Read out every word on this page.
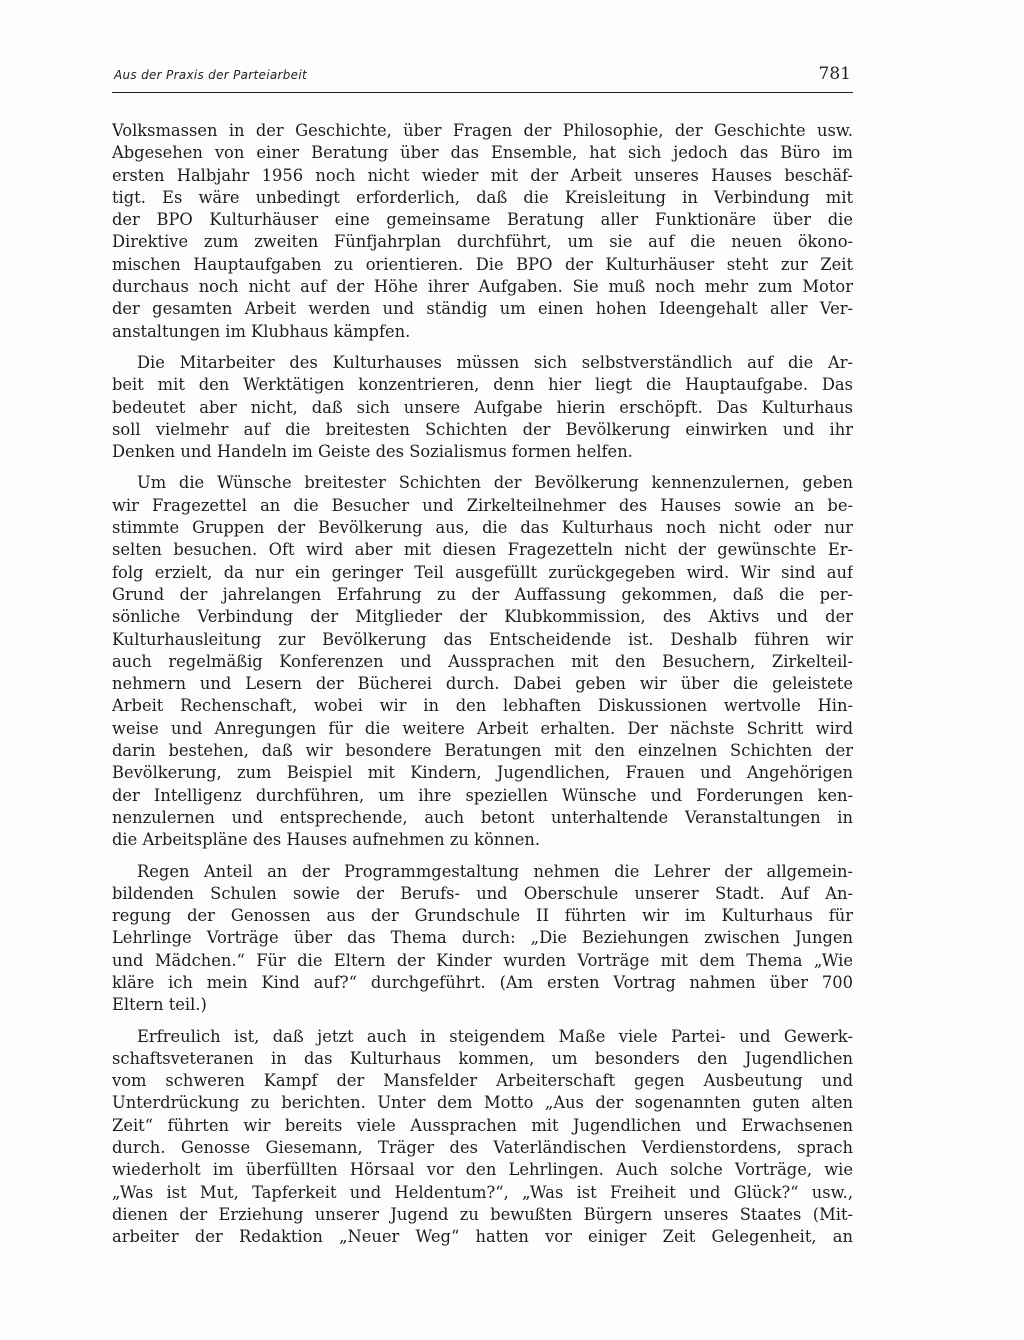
Aus der Praxis der Parteiarbeit	781

Volksmassen in der Geschichte, über Fragen der Philosophie, der Geschichte usw.
Abgesehen von einer Beratung über das Ensemble, hat sich jedoch das Büro im
ersten Halbjahr 1956 noch nicht wieder mit der Arbeit unseres Hauses beschäf-
tigt. Es wäre unbedingt erforderlich, daß die Kreisleitung in Verbindung mit
der BPO Kulturhäuser eine gemeinsame Beratung aller Funktionäre über die
Direktive zum zweiten Fünfjahrplan durchführt, um sie auf die neuen ökono-
mischen Hauptaufgaben zu orientieren. Die BPO der Kulturhäuser steht zur Zeit
durchaus noch nicht auf der Höhe ihrer Aufgaben. Sie muß noch mehr zum Motor
der gesamten Arbeit werden und ständig um einen hohen Ideengehalt aller Ver-
anstaltungen im Klubhaus kämpfen.

Die Mitarbeiter des Kulturhauses müssen sich selbstverständlich auf die Ar-
beit mit den Werktätigen konzentrieren, denn hier liegt die Hauptaufgabe. Das
bedeutet aber nicht, daß sich unsere Aufgabe hierin erschöpft. Das Kulturhaus
soll vielmehr auf die breitesten Schichten der Bevölkerung einwirken und ihr
Denken und Handeln im Geiste des Sozialismus formen helfen.

Um die Wünsche breitester Schichten der Bevölkerung kennenzulernen, geben
wir Fragezettel an die Besucher und Zirkelteilnehmer des Hauses sowie an be-
stimmte Gruppen der Bevölkerung aus, die das Kulturhaus noch nicht oder nur
selten besuchen. Oft wird aber mit diesen Fragezetteln nicht der gewünschte Er-
folg erzielt, da nur ein geringer Teil ausgefüllt zurückgegeben wird. Wir sind auf
Grund der jahrelangen Erfahrung zu der Auffassung gekommen, daß die per-
sönliche Verbindung der Mitglieder der Klubkommission, des Aktivs und der
Kulturhausleitung zur Bevölkerung das Entscheidende ist. Deshalb führen wir
auch regelmäßig Konferenzen und Aussprachen mit den Besuchern, Zirkelteil-
nehmern und Lesern der Bücherei durch. Dabei geben wir über die geleistete
Arbeit Rechenschaft, wobei wir in den lebhaften Diskussionen wertvolle Hin-
weise und Anregungen für die weitere Arbeit erhalten. Der nächste Schritt wird
darin bestehen, daß wir besondere Beratungen mit den einzelnen Schichten der
Bevölkerung, zum Beispiel mit Kindern, Jugendlichen, Frauen und Angehörigen
der Intelligenz durchführen, um ihre speziellen Wünsche und Forderungen ken-
nenzulernen und entsprechende, auch betont unterhaltende Veranstaltungen in
die Arbeitspläne des Hauses aufnehmen zu können.

Regen Anteil an der Programmgestaltung nehmen die Lehrer der allgemein-
bildenden Schulen sowie der Berufs- und Oberschule unserer Stadt. Auf An-
regung der Genossen aus der Grundschule II führten wir im Kulturhaus für
Lehrlinge Vorträge über das Thema durch: „Die Beziehungen zwischen Jungen
und Mädchen.“ Für die Eltern der Kinder wurden Vorträge mit dem Thema „Wie
kläre ich mein Kind auf?“ durchgeführt. (Am ersten Vortrag nahmen über 700
Eltern teil.)

Erfreulich ist, daß jetzt auch in steigendem Maße viele Partei- und Gewerk-
schaftsveteranen in das Kulturhaus kommen, um besonders den Jugendlichen
vom schweren Kampf der Mansfelder Arbeiterschaft gegen Ausbeutung und
Unterdrückung zu berichten. Unter dem Motto „Aus der sogenannten guten alten
Zeit“ führten wir bereits viele Aussprachen mit Jugendlichen und Erwachsenen
durch. Genosse Giesemann, Träger des Vaterländischen Verdienstordens, sprach
wiederholt im überfüllten Hörsaal vor den Lehrlingen. Auch solche Vorträge, wie
„Was ist Mut, Tapferkeit und Heldentum?“, „Was ist Freiheit und Glück?“ usw.,
dienen der Erziehung unserer Jugend zu bewußten Bürgern unseres Staates (Mit-
arbeiter der Redaktion „Neuer Weg“ hatten vor einiger Zeit Gelegenheit, an
